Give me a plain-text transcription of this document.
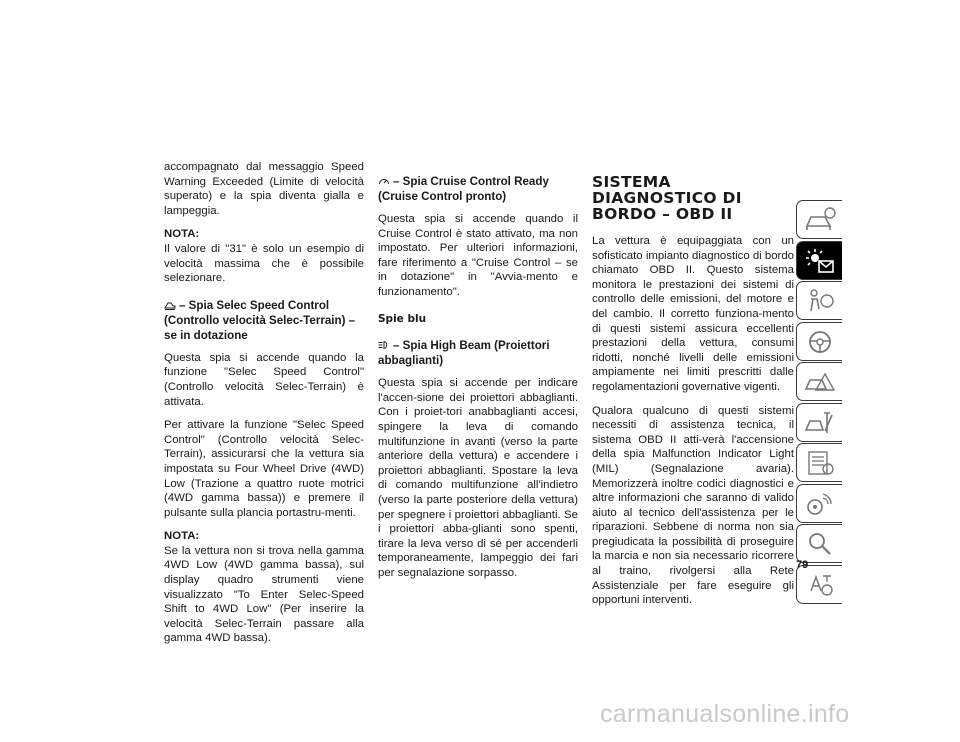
accompagnato dal messaggio Speed Warning Exceeded (Limite di velocità superato) e la spia diventa gialla e lampeggia.

NOTA:
Il valore di "31" è solo un esempio di velocità massima che è possibile selezionare.

– Spia Selec Speed Control (Controllo velocità Selec-Terrain) – se in dotazione

Questa spia si accende quando la funzione "Selec Speed Control" (Controllo velocità Selec-Terrain) è attivata.

Per attivare la funzione "Selec Speed Control" (Controllo velocità Selec-Terrain), assicurarsi che la vettura sia impostata su Four Wheel Drive (4WD) Low (Trazione a quattro ruote motrici (4WD gamma bassa)) e premere il pulsante sulla plancia portastru-menti.

NOTA:
Se la vettura non si trova nella gamma 4WD Low (4WD gamma bassa), sul display quadro strumenti viene visualizzato "To Enter Selec-Speed Shift to 4WD Low" (Per inserire la velocità Selec-Terrain passare alla gamma 4WD bassa).

– Spia Cruise Control Ready (Cruise Control pronto)

Questa spia si accende quando il Cruise Control è stato attivato, ma non impostato. Per ulteriori informazioni, fare riferimento a "Cruise Control – se in dotazione" in "Avvia-mento e funzionamento".

Spie blu
– Spia High Beam (Proiettori abbaglianti)

Questa spia si accende per indicare l'accen-sione dei proiettori abbaglianti. Con i proiet-tori anabbaglianti accesi, spingere la leva di comando multifunzione in avanti (verso la parte anteriore della vettura) e accendere i proiettori abbaglianti. Spostare la leva di comando multifunzione all'indietro (verso la parte posteriore della vettura) per spegnere i proiettori abbaglianti. Se i proiettori abba-glianti sono spenti, tirare la leva verso di sé per accenderli temporaneamente, lampeggio dei fari per segnalazione sorpasso.

SISTEMA DIAGNOSTICO DI
BORDO – OBD II

La vettura è equipaggiata con un sofisticato impianto diagnostico di bordo chiamato OBD II. Questo sistema monitora le prestazioni dei sistemi di controllo delle emissioni, del motore e del cambio. Il corretto funziona-mento di questi sistemi assicura eccellenti prestazioni della vettura, consumi ridotti, nonché livelli delle emissioni ampiamente nei limiti prescritti dalle regolamentazioni governative vigenti.

Qualora qualcuno di questi sistemi necessiti di assistenza tecnica, il sistema OBD II atti-verà l'accensione della spia Malfunction Indicator Light (MIL) (Segnalazione avaria). Memorizzerà inoltre codici diagnostici e altre informazioni che saranno di valido aiuto al tecnico dell'assistenza per le riparazioni. Sebbene di norma non sia pregiudicata la possibilità di proseguire la marcia e non sia necessario ricorrere al traino, rivolgersi alla Rete Assistenziale per fare eseguire gli opportuni interventi.

79
carmanualsonline.info
